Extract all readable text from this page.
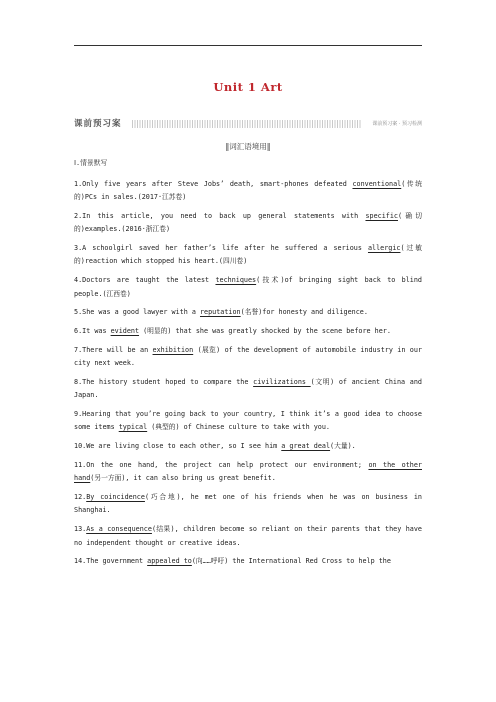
Unit 1 Art
课前预习案	课前预习案 · 预习检测
‖词汇语境用‖
Ⅰ.情景默写
1.Only five years after Steve Jobs’ death, smart-phones defeated conventional(传统的)PCs in sales.(2017·江苏卷)
2.In this article, you need to back up general statements with specific(确切的)examples.(2016·浙江卷)
3.A schoolgirl saved her father’s life after he suffered a serious allergic(过敏的)reaction which stopped his heart.(四川卷)
4.Doctors are taught the latest techniques(技术)of bringing sight back to blind people.(江西卷)
5.She was a good lawyer with a reputation(名誉)for honesty and diligence.
6.It was evident (明显的) that she was greatly shocked by the scene before her.
7.There will be an exhibition (展览) of the development of automobile industry in our city next week.
8.The history student hoped to compare the civilizations (文明) of ancient China and Japan.
9.Hearing that you’re going back to your country, I think it’s a good idea to choose some items typical (典型的) of Chinese culture to take with you.
10.We are living close to each other, so I see him a great deal(大量).
11.On the one hand, the project can help protect our environment; on the other hand(另一方面), it can also bring us great benefit.
12.By coincidence(巧合地), he met one of his friends when he was on business in Shanghai.
13.As a consequence(结果), children become so reliant on their parents that they have no independent thought or creative ideas.
14.The government appealed to(向……呼吁) the International Red Cross to help the
